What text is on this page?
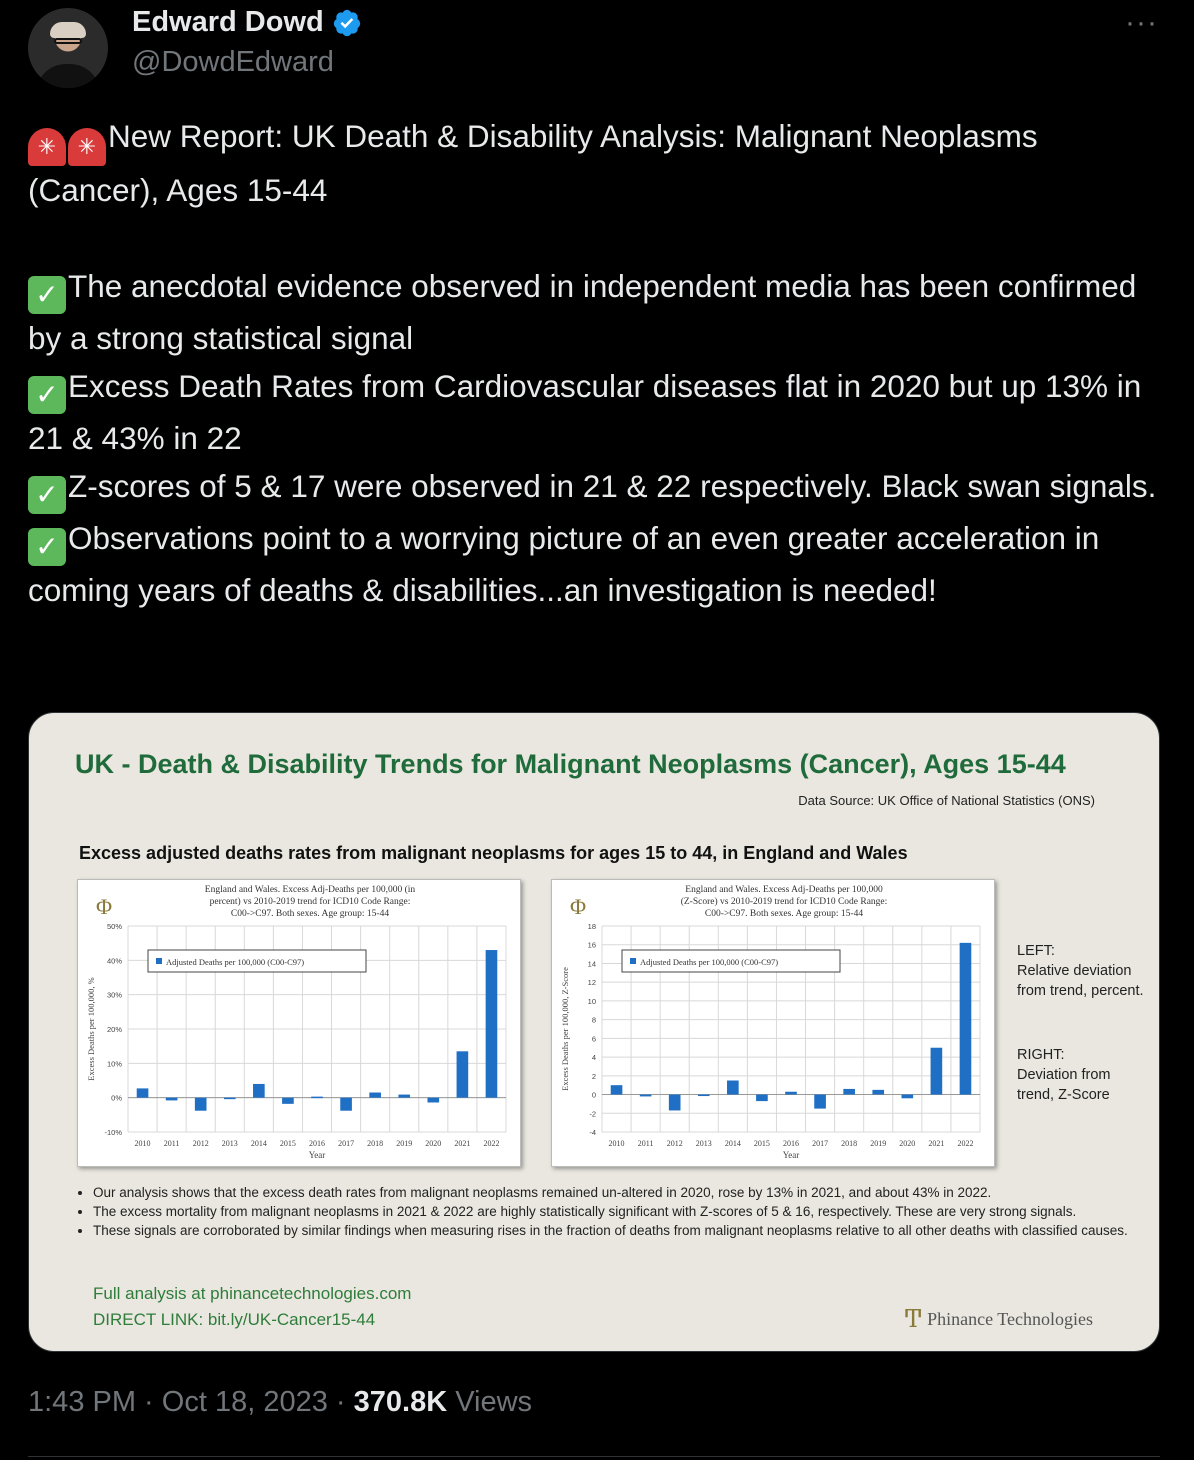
Edward Dowd
@DowdEdward
···

✳ ✳ New Report: UK Death & Disability Analysis: Malignant Neoplasms (Cancer), Ages 15-44

✓ The anecdotal evidence observed in independent media has been confirmed by a strong statistical signal

✓ Excess Death Rates from Cardiovascular diseases flat in 2020 but up 13% in 21 & 43% in 22

✓ Z-scores of 5 & 17 were observed in 21 & 22 respectively. Black swan signals.

✓ Observations point to a worrying picture of an even greater acceleration in coming years of deaths & disabilities...an investigation is needed!

UK - Death & Disability Trends for Malignant Neoplasms (Cancer), Ages 15-44
Data Source: UK Office of National Statistics (ONS)
Excess adjusted deaths rates from malignant neoplasms for ages 15 to 44, in England and Wales
Φ
England and Wales. Excess Adj-Deaths per 100,000 (in
percent) vs 2010-2019 trend for ICD10 Code Range:
C00->C97. Both sexes. Age group: 15-44
-10%
0%
10%
20%
30%
40%
50%
2010 2011 2012 2013 2014 2015 2016 2017 2018 2019 2020 2021 2022
Year
Excess Deaths per 100,000, %
Adjusted Deaths per 100,000 (C00-C97)
Φ
England and Wales. Excess Adj-Deaths per 100,000
(Z-Score) vs 2010-2019 trend for ICD10 Code Range:
C00->C97. Both sexes. Age group: 15-44
-4
-2
0
2
4
6
8
10
12
14
16
18
2010 2011 2012 2013 2014 2015 2016 2017 2018 2019 2020 2021 2022
Year
Excess Deaths per 100,000, Z-Score
Adjusted Deaths per 100,000 (C00-C97)
LEFT:
Relative deviation from trend, percent.
RIGHT:
Deviation from trend, Z-Score
• Our analysis shows that the excess death rates from malignant neoplasms remained un-altered in 2020, rose by 13% in 2021, and about 43% in 2022.
• The excess mortality from malignant neoplasms in 2021 & 2022 are highly statistically significant with Z-scores of 5 & 16, respectively. These are very strong signals.
• These signals are corroborated by similar findings when measuring rises in the fraction of deaths from malignant neoplasms relative to all other deaths with classified causes.
Full analysis at phinancetechnologies.com
DIRECT LINK: bit.ly/UK-Cancer15-44	Ͳ Phinance Technologies
1:43 PM · Oct 18, 2023 · 370.8K Views
